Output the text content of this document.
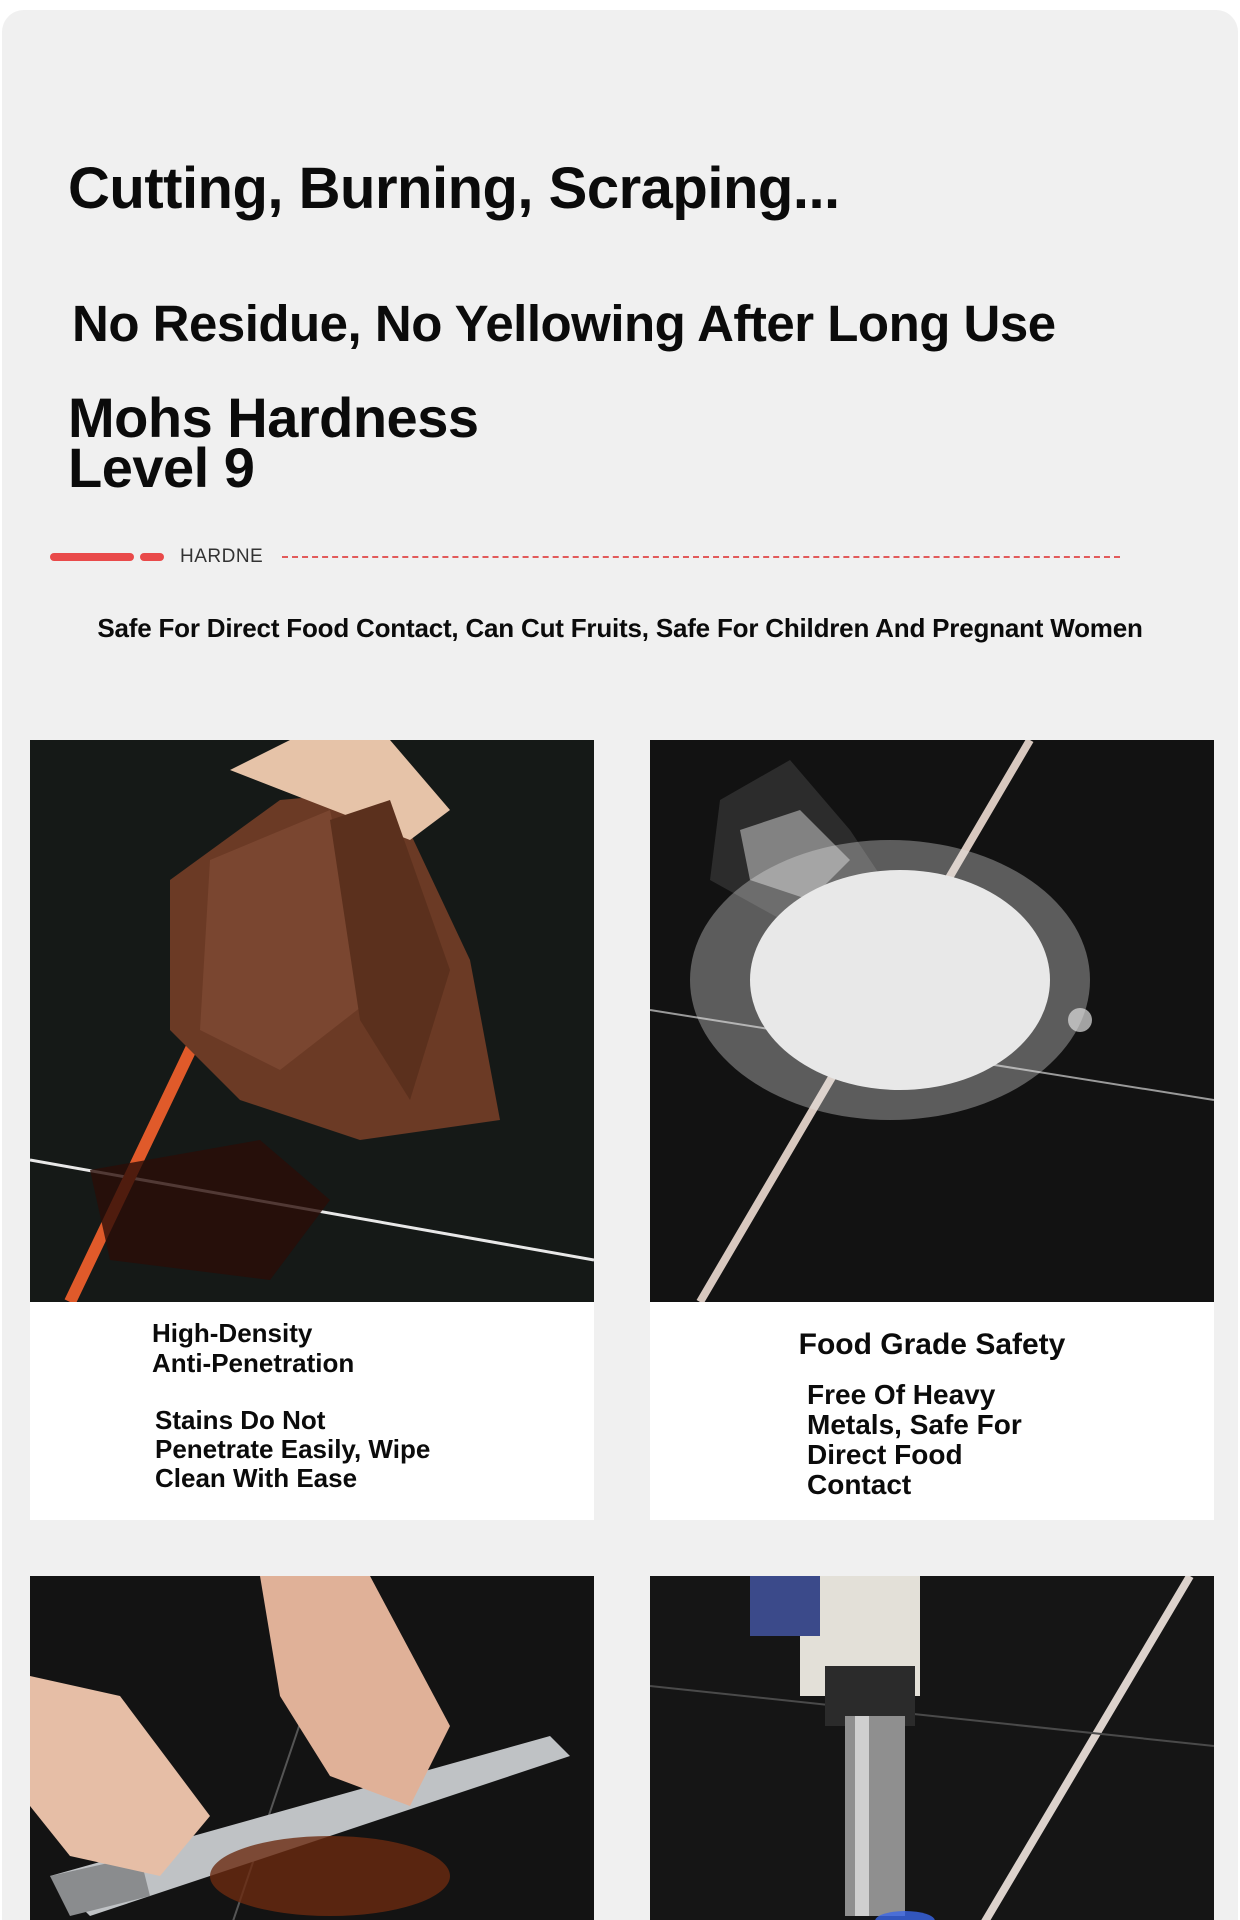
Cutting, Burning, Scraping...
No Residue, No Yellowing After Long Use
Mohs Hardness
Level 9
HARDNE

Safe For Direct Food Contact, Can Cut Fruits, Safe For Children And Pregnant Women

High-Density
Anti-Penetration
Stains Do Not
Penetrate Easily, Wipe
Clean With Ease
Food Grade Safety
Free Of Heavy
Metals, Safe For
Direct Food
Contact
